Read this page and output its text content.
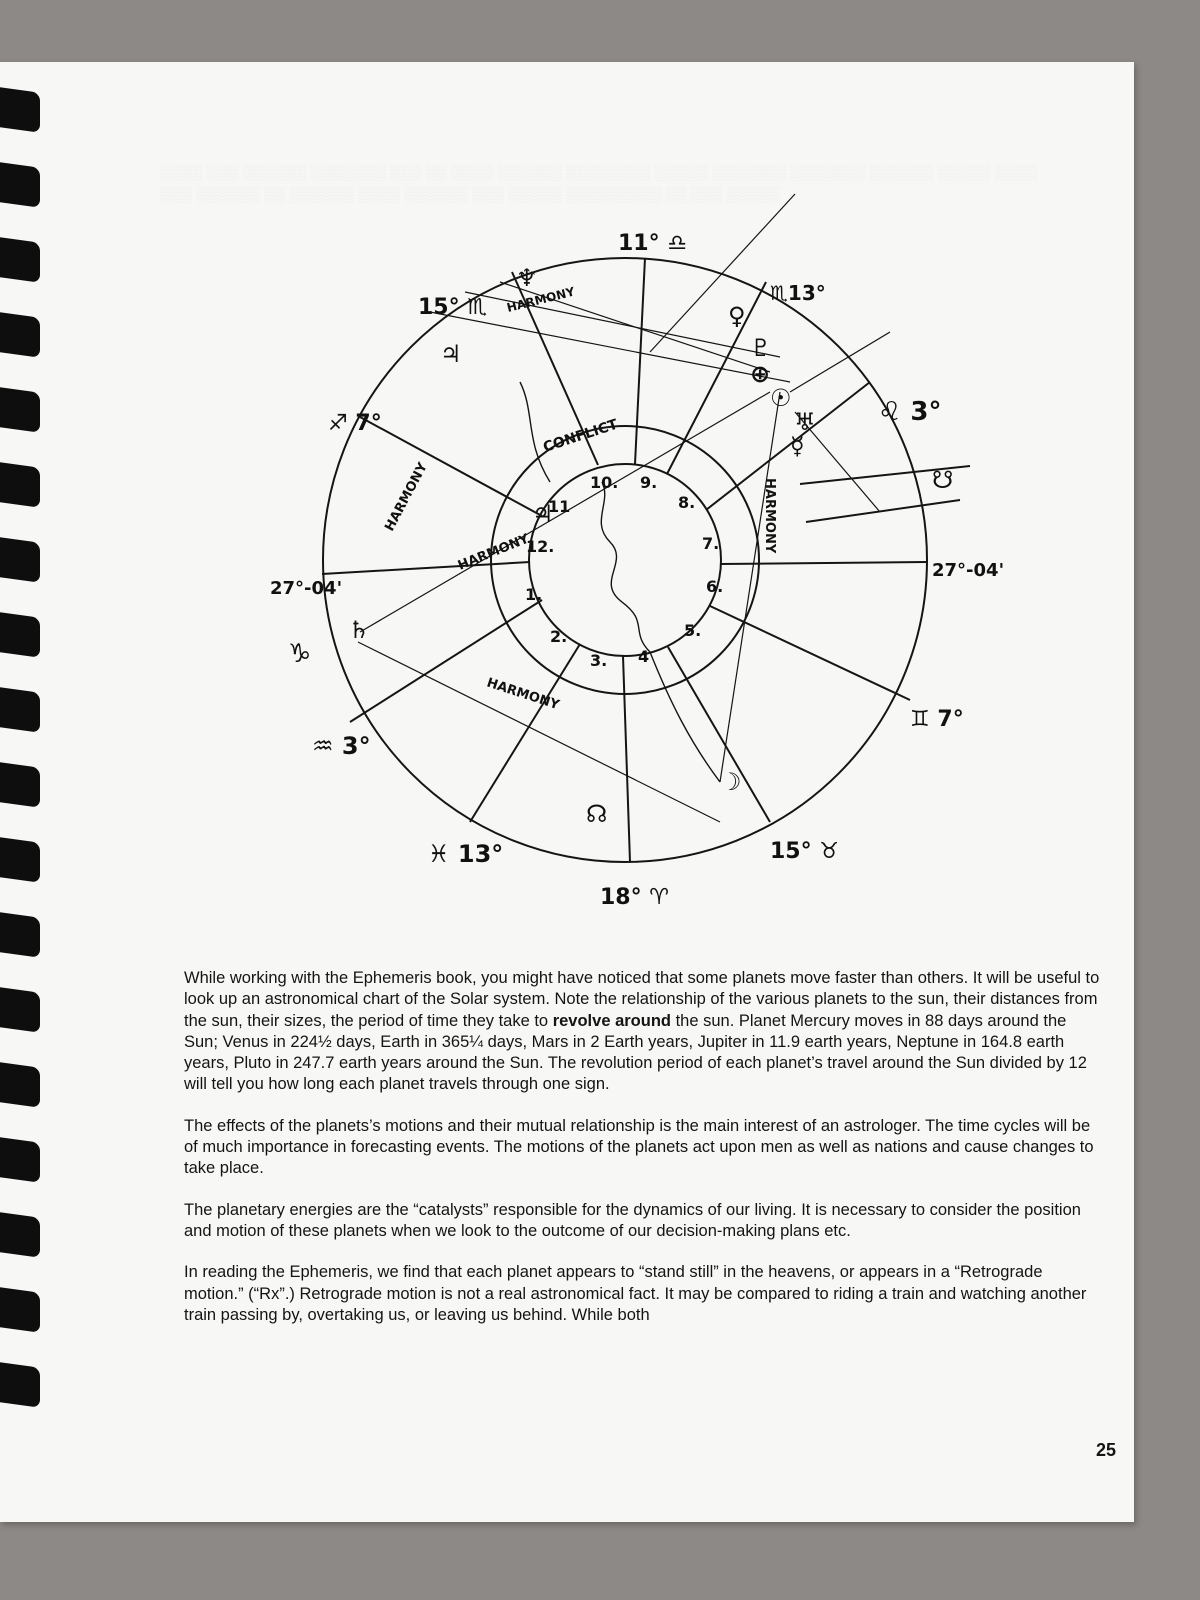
░░░░ ░░░ ░░░░░░ ░░░░░░░ ░░░ ░░ ░░░░ ░░░░░░ ░░░░░░░░ ░░░░░ ░░░░░░░ ░░░░░░░ ░░░░░░ ░░░░░ ░░░░ ░░░ ░░░░░░ ░░ ░░░░░░ ░░░░ ░░░░░░ ░░░ ░░░░░ ░░░░░░░░░ ░░ ░░░ ░░░░░
11° ♎
15° ♏
♏13°
♌ 3°
♐ 7°
27°-04'
27°-04'
♊ 7°
♒ 3°
♓ 13°
18° ♈
15° ♉
♑
CONFLICT
HARMONY
HARMONY
HARMONY
HARMONY
HARMONY
1.
2.
3. 4
5.
6.
7.
8.
9.
10.
11
12.
♆
♃
♀
♇
⊕
☉
♅
☿
♃
♄
☽
☊
☋

While working with the Ephemeris book, you might have noticed that some planets move faster than others. It will be useful to look up an astronomical chart of the Solar system. Note the relationship of the various planets to the sun, their distances from the sun, their sizes, the period of time they take to revolve around the sun. Planet Mercury moves in 88 days around the Sun; Venus in 224½ days, Earth in 365¼ days, Mars in 2 Earth years, Jupiter in 11.9 earth years, Neptune in 164.8 earth years, Pluto in 247.7 earth years around the Sun. The revolution period of each planet’s travel around the Sun divided by 12 will tell you how long each planet travels through one sign.

The effects of the planets’s motions and their mutual relationship is the main interest of an astrologer. The time cycles will be of much importance in forecasting events. The motions of the planets act upon men as well as nations and cause changes to take place.

The planetary energies are the “catalysts” responsible for the dynamics of our living. It is necessary to consider the position and motion of these planets when we look to the outcome of our decision-making plans etc.

In reading the Ephemeris, we find that each planet appears to “stand still” in the heavens, or appears in a “Retrograde motion.” (“Rx”.) Retrograde motion is not a real astronomical fact. It may be compared to riding a train and watching another train passing by, overtaking us, or leaving us behind. While both

25
